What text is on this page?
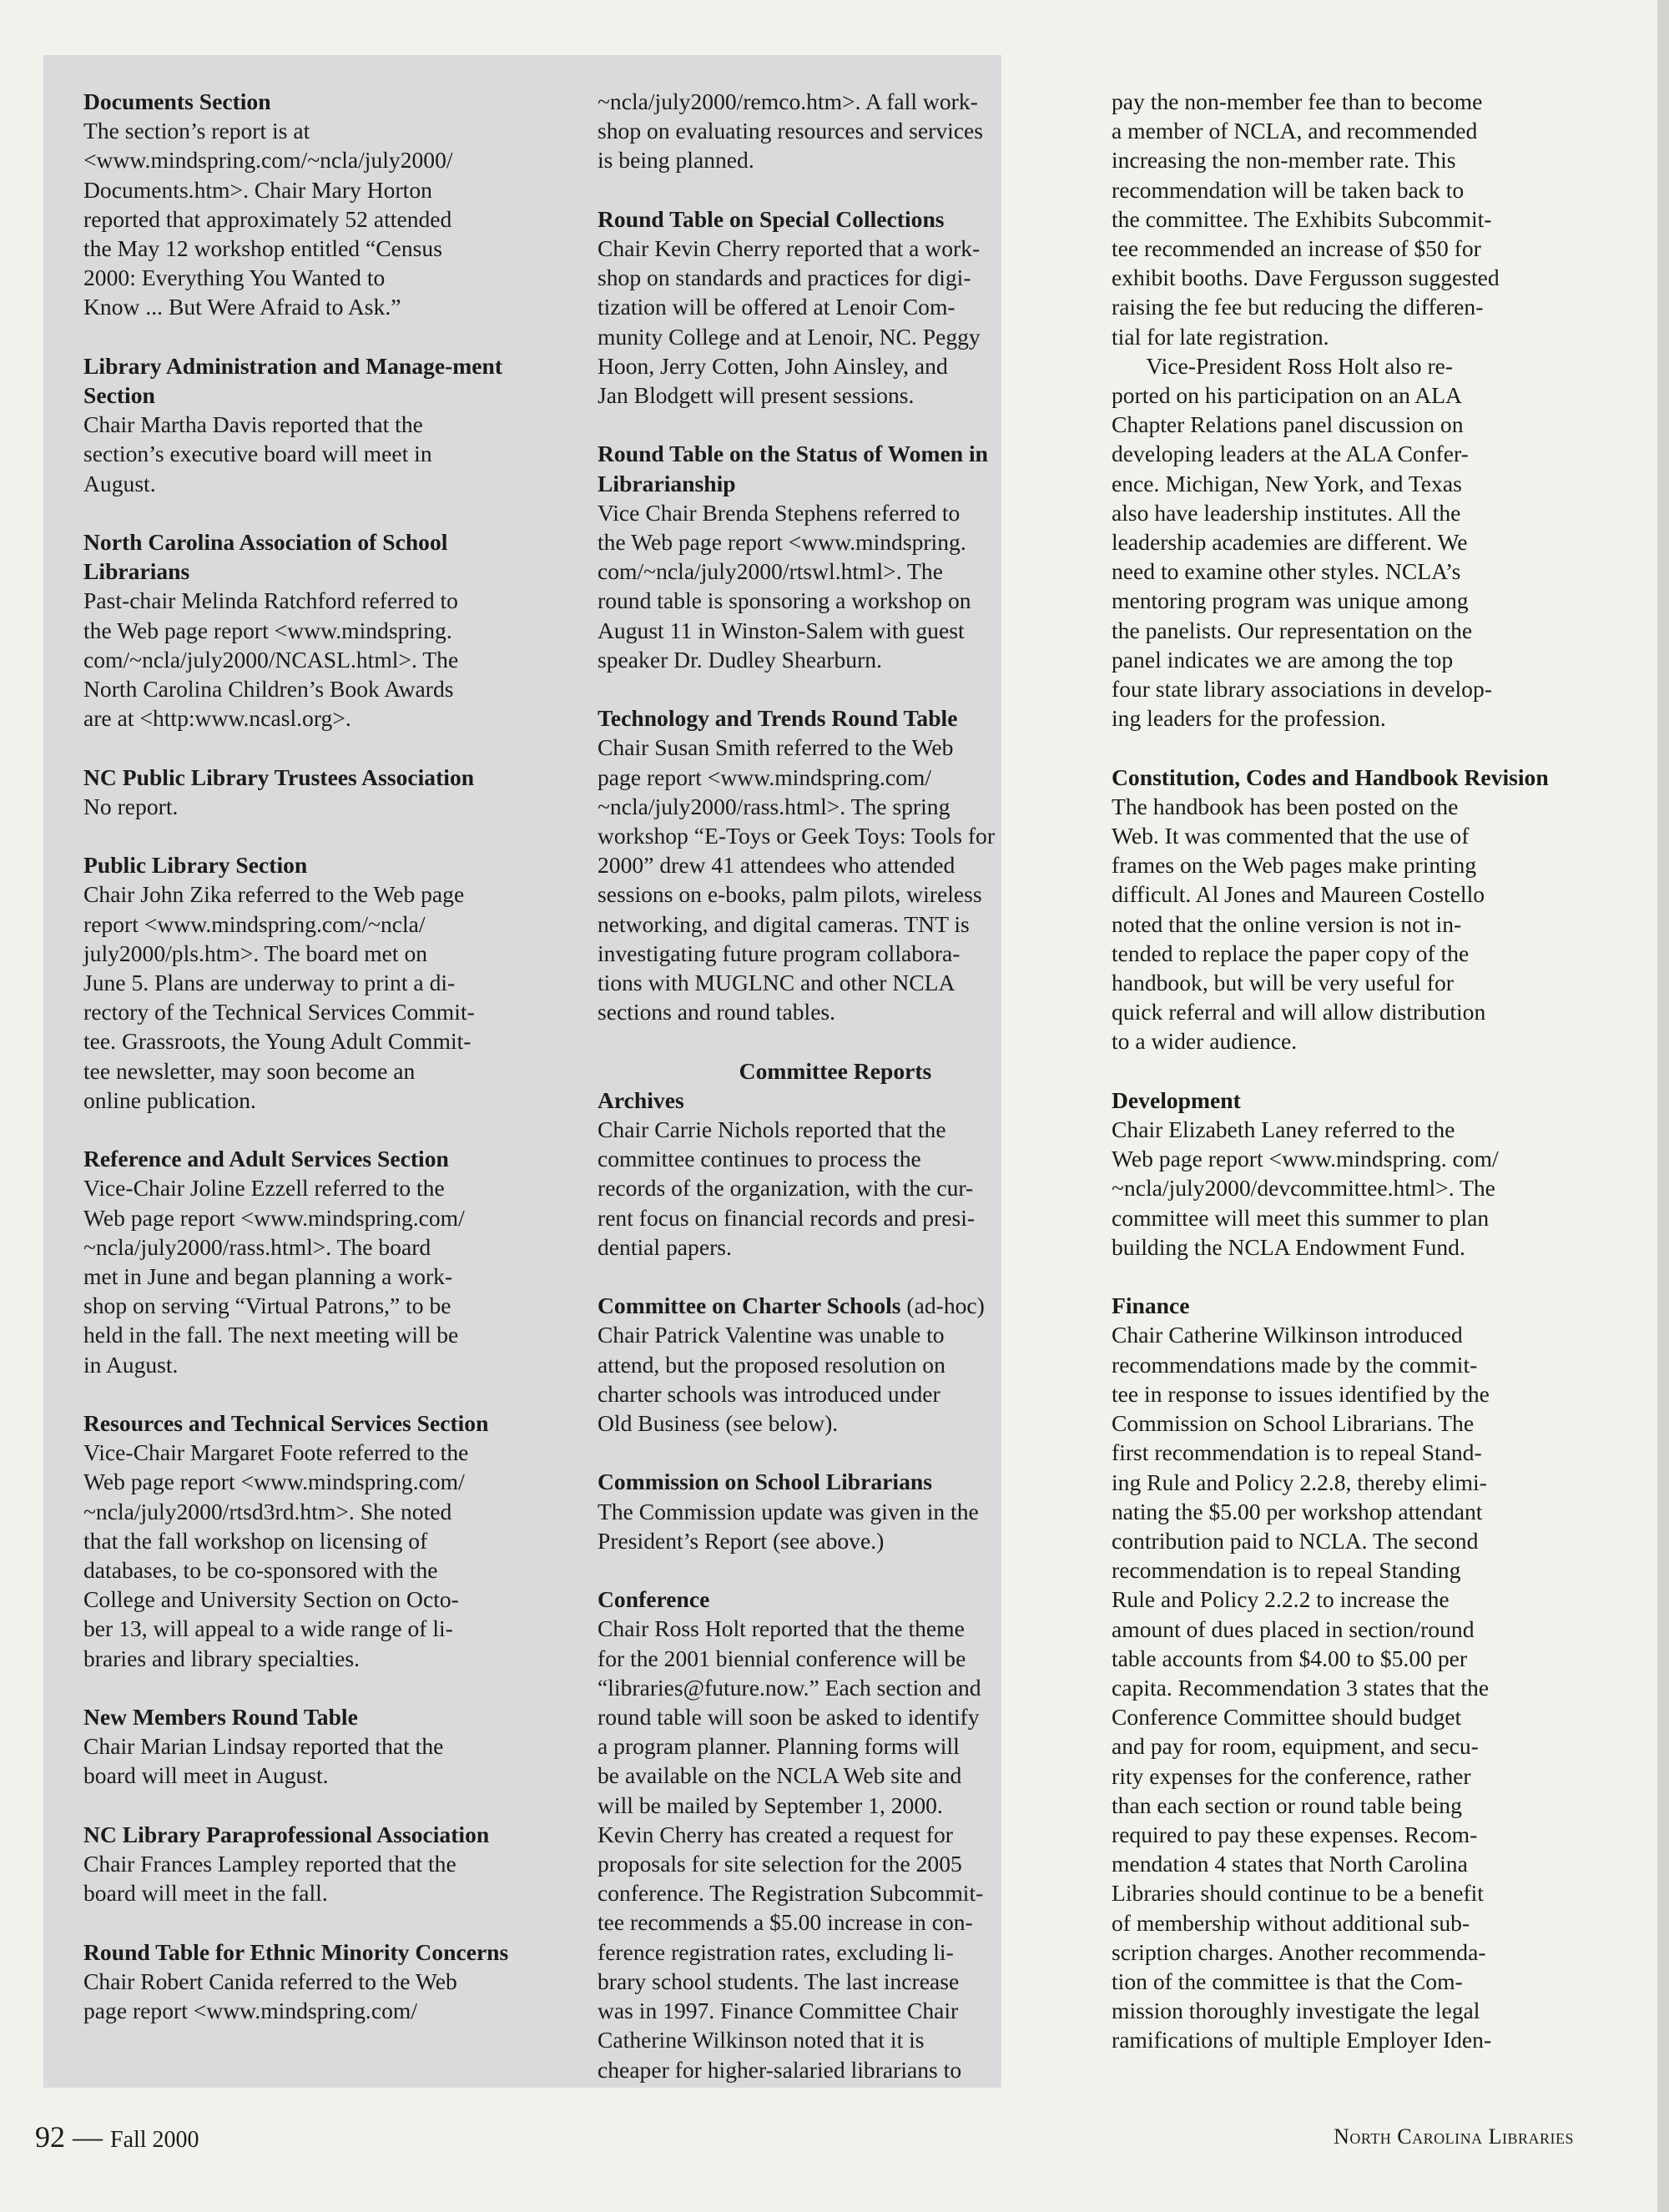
Documents Section

The section’s report is at
<www.mindspring.com/~ncla/july2000/
Documents.htm>. Chair Mary Horton
reported that approximately 52 attended
the May 12 workshop entitled “Census
2000: Everything You Wanted to
Know ... But Were Afraid to Ask.”

Library Administration and Manage-ment Section

Chair Martha Davis reported that the
section’s executive board will meet in
August.

North Carolina Association of School Librarians

Past-chair Melinda Ratchford referred to
the Web page report <www.mindspring.
com/~ncla/july2000/NCASL.html>. The
North Carolina Children’s Book Awards
are at <http:www.ncasl.org>.

NC Public Library Trustees Association

No report.

Public Library Section

Chair John Zika referred to the Web page
report <www.mindspring.com/~ncla/
july2000/pls.htm>. The board met on
June 5. Plans are underway to print a di-
rectory of the Technical Services Commit-
tee. Grassroots, the Young Adult Commit-
tee newsletter, may soon become an
online publication.

Reference and Adult Services Section

Vice-Chair Joline Ezzell referred to the
Web page report <www.mindspring.com/
~ncla/july2000/rass.html>. The board
met in June and began planning a work-
shop on serving “Virtual Patrons,” to be
held in the fall. The next meeting will be
in August.

Resources and Technical Services Section

Vice-Chair Margaret Foote referred to the
Web page report <www.mindspring.com/
~ncla/july2000/rtsd3rd.htm>. She noted
that the fall workshop on licensing of
databases, to be co-sponsored with the
College and University Section on Octo-
ber 13, will appeal to a wide range of li-
braries and library specialties.

New Members Round Table

Chair Marian Lindsay reported that the
board will meet in August.

NC Library Paraprofessional Association

Chair Frances Lampley reported that the
board will meet in the fall.

Round Table for Ethnic Minority Concerns

Chair Robert Canida referred to the Web
page report <www.mindspring.com/

~ncla/july2000/remco.htm>. A fall work-
shop on evaluating resources and services
is being planned.

Round Table on Special Collections

Chair Kevin Cherry reported that a work-
shop on standards and practices for digi-
tization will be offered at Lenoir Com-
munity College and at Lenoir, NC. Peggy
Hoon, Jerry Cotten, John Ainsley, and
Jan Blodgett will present sessions.

Round Table on the Status of Women in Librarianship

Vice Chair Brenda Stephens referred to
the Web page report <www.mindspring.
com/~ncla/july2000/rtswl.html>. The
round table is sponsoring a workshop on
August 11 in Winston-Salem with guest
speaker Dr. Dudley Shearburn.

Technology and Trends Round Table

Chair Susan Smith referred to the Web
page report <www.mindspring.com/
~ncla/july2000/rass.html>. The spring
workshop “E-Toys or Geek Toys: Tools for
2000” drew 41 attendees who attended
sessions on e-books, palm pilots, wireless
networking, and digital cameras. TNT is
investigating future program collabora-
tions with MUGLNC and other NCLA
sections and round tables.

Committee Reports
Archives

Chair Carrie Nichols reported that the
committee continues to process the
records of the organization, with the cur-
rent focus on financial records and presi-
dential papers.

Committee on Charter Schools (ad-hoc)

Chair Patrick Valentine was unable to
attend, but the proposed resolution on
charter schools was introduced under
Old Business (see below).

Commission on School Librarians

The Commission update was given in the
President’s Report (see above.)

Conference

Chair Ross Holt reported that the theme
for the 2001 biennial conference will be
“libraries@future.now.” Each section and
round table will soon be asked to identify
a program planner. Planning forms will
be available on the NCLA Web site and
will be mailed by September 1, 2000.
Kevin Cherry has created a request for
proposals for site selection for the 2005
conference. The Registration Subcommit-
tee recommends a $5.00 increase in con-
ference registration rates, excluding li-
brary school students. The last increase
was in 1997. Finance Committee Chair
Catherine Wilkinson noted that it is
cheaper for higher-salaried librarians to

pay the non-member fee than to become
a member of NCLA, and recommended
increasing the non-member rate. This
recommendation will be taken back to
the committee. The Exhibits Subcommit-
tee recommended an increase of $50 for
exhibit booths. Dave Fergusson suggested
raising the fee but reducing the differen-
tial for late registration.

Vice-President Ross Holt also re-
ported on his participation on an ALA
Chapter Relations panel discussion on
developing leaders at the ALA Confer-
ence. Michigan, New York, and Texas
also have leadership institutes. All the
leadership academies are different. We
need to examine other styles. NCLA’s
mentoring program was unique among
the panelists. Our representation on the
panel indicates we are among the top
four state library associations in develop-
ing leaders for the profession.

Constitution, Codes and Handbook Revision

The handbook has been posted on the
Web. It was commented that the use of
frames on the Web pages make printing
difficult. Al Jones and Maureen Costello
noted that the online version is not in-
tended to replace the paper copy of the
handbook, but will be very useful for
quick referral and will allow distribution
to a wider audience.

Development

Chair Elizabeth Laney referred to the
Web page report <www.mindspring. com/
~ncla/july2000/devcommittee.html>. The
committee will meet this summer to plan
building the NCLA Endowment Fund.

Finance

Chair Catherine Wilkinson introduced
recommendations made by the commit-
tee in response to issues identified by the
Commission on School Librarians. The
first recommendation is to repeal Stand-
ing Rule and Policy 2.2.8, thereby elimi-
nating the $5.00 per workshop attendant
contribution paid to NCLA. The second
recommendation is to repeal Standing
Rule and Policy 2.2.2 to increase the
amount of dues placed in section/round
table accounts from $4.00 to $5.00 per
capita. Recommendation 3 states that the
Conference Committee should budget
and pay for room, equipment, and secu-
rity expenses for the conference, rather
than each section or round table being
required to pay these expenses. Recom-
mendation 4 states that North Carolina
Libraries should continue to be a benefit
of membership without additional sub-
scription charges. Another recommenda-
tion of the committee is that the Com-
mission thoroughly investigate the legal
ramifications of multiple Employer Iden-

92 — Fall 2000	North Carolina Libraries
